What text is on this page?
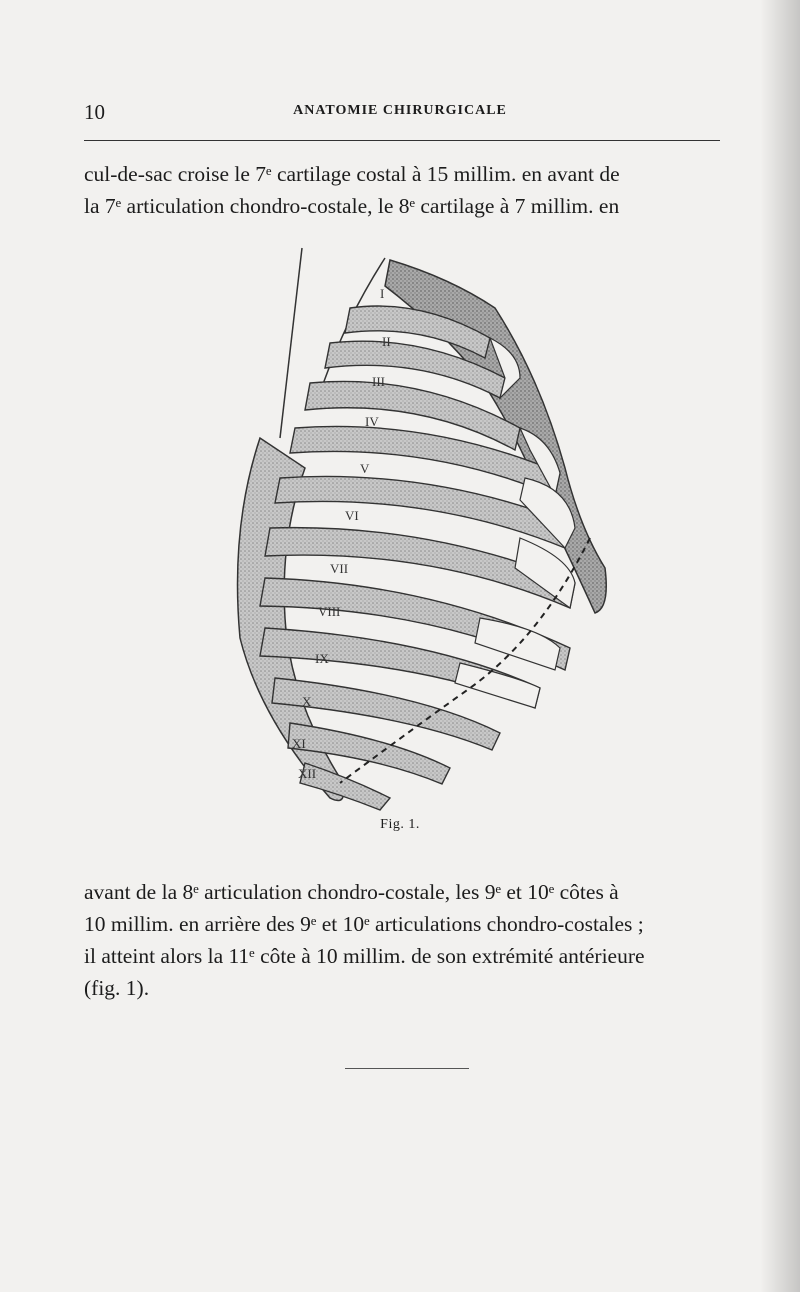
10	ANATOMIE CHIRURGICALE
cul-de-sac croise le 7ᵉ cartilage costal à 15 millim. en avant de
la 7ᵉ articulation chondro-costale, le 8ᵉ cartilage à 7 millim. en
I
II
III
IV
V
VI
VII
VIII
IX
X
XI
XII
Fig. 1.
avant de la 8ᵉ articulation chondro-costale, les 9ᵉ et 10ᵉ côtes à
10 millim. en arrière des 9ᵉ et 10ᵉ articulations chondro-costales ;
il atteint alors la 11ᵉ côte à 10 millim. de son extrémité antérieure
(fig. 1).
